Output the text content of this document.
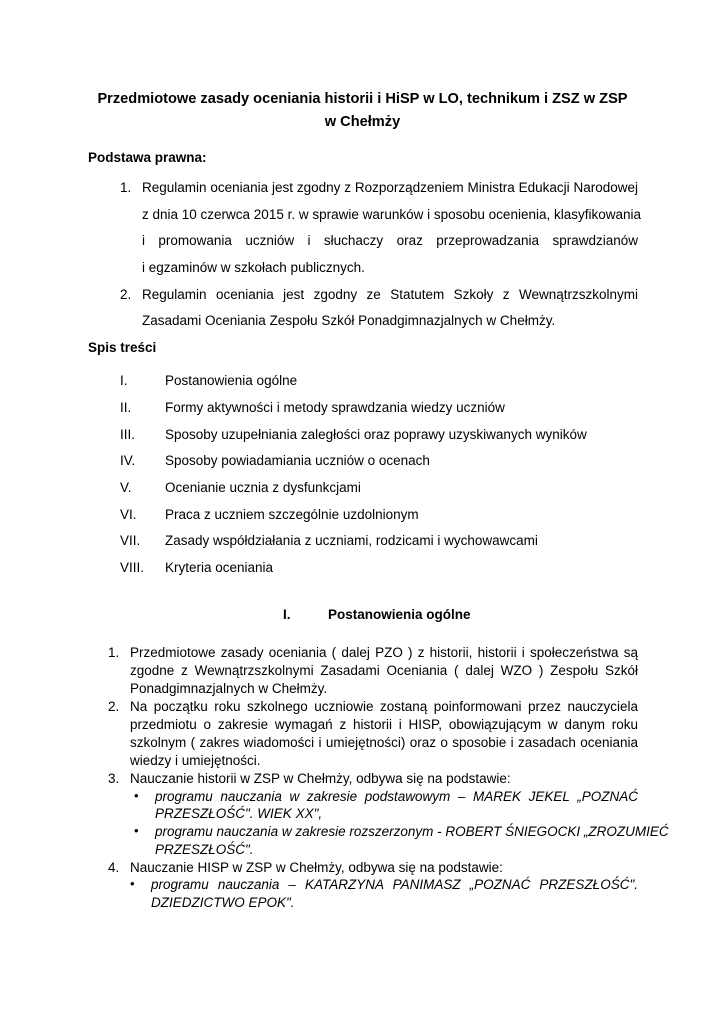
Przedmiotowe zasady oceniania historii i HiSP w LO, technikum i ZSZ w ZSP
w Chełmży
Podstawa prawna:
1. Regulamin oceniania jest zgodny z Rozporządzeniem Ministra Edukacji Narodowej
z dnia 10 czerwca 2015 r. w sprawie warunków i sposobu ocenienia, klasyfikowania
i promowania uczniów i słuchaczy oraz przeprowadzania sprawdzianów
i egzaminów w szkołach publicznych.
2. Regulamin oceniania jest zgodny ze Statutem Szkoły z Wewnątrzszkolnymi
Zasadami Oceniania Zespołu Szkół Ponadgimnazjalnych w Chełmży.
Spis treści
I.	Postanowienia ogólne
II. Formy aktywności i metody sprawdzania wiedzy uczniów
III. Sposoby uzupełniania zaległości oraz poprawy uzyskiwanych wyników
IV. Sposoby powiadamiania uczniów o ocenach
V. Ocenianie ucznia z dysfunkcjami
VI. Praca z uczniem szczególnie uzdolnionym
VII. Zasady współdziałania z uczniami, rodzicami i wychowawcami
VIII. Kryteria oceniania
I.	Postanowienia ogólne
1. Przedmiotowe zasady oceniania ( dalej PZO ) z historii, historii i społeczeństwa są
zgodne z Wewnątrzszkolnymi Zasadami Oceniania ( dalej WZO ) Zespołu Szkół
Ponadgimnazjalnych w Chełmży.
2. Na początku roku szkolnego uczniowie zostaną poinformowani przez nauczyciela
przedmiotu o zakresie wymagań z historii i HISP, obowiązującym w danym roku
szkolnym ( zakres wiadomości i umiejętności) oraz o sposobie i zasadach oceniania
wiedzy i umiejętności.
3. Nauczanie historii w ZSP w Chełmży, odbywa się na podstawie:
• programu nauczania w zakresie podstawowym – MAREK JEKEL „POZNAĆ
PRZESZŁOŚĆ". WIEK XX",
• programu nauczania w zakresie rozszerzonym - ROBERT ŚNIEGOCKI „ZROZUMIEĆ
PRZESZŁOŚĆ".
4. Nauczanie HISP w ZSP w Chełmży, odbywa się na podstawie:
• programu nauczania – KATARZYNA PANIMASZ „POZNAĆ PRZESZŁOŚĆ".
DZIEDZICTWO EPOK".
